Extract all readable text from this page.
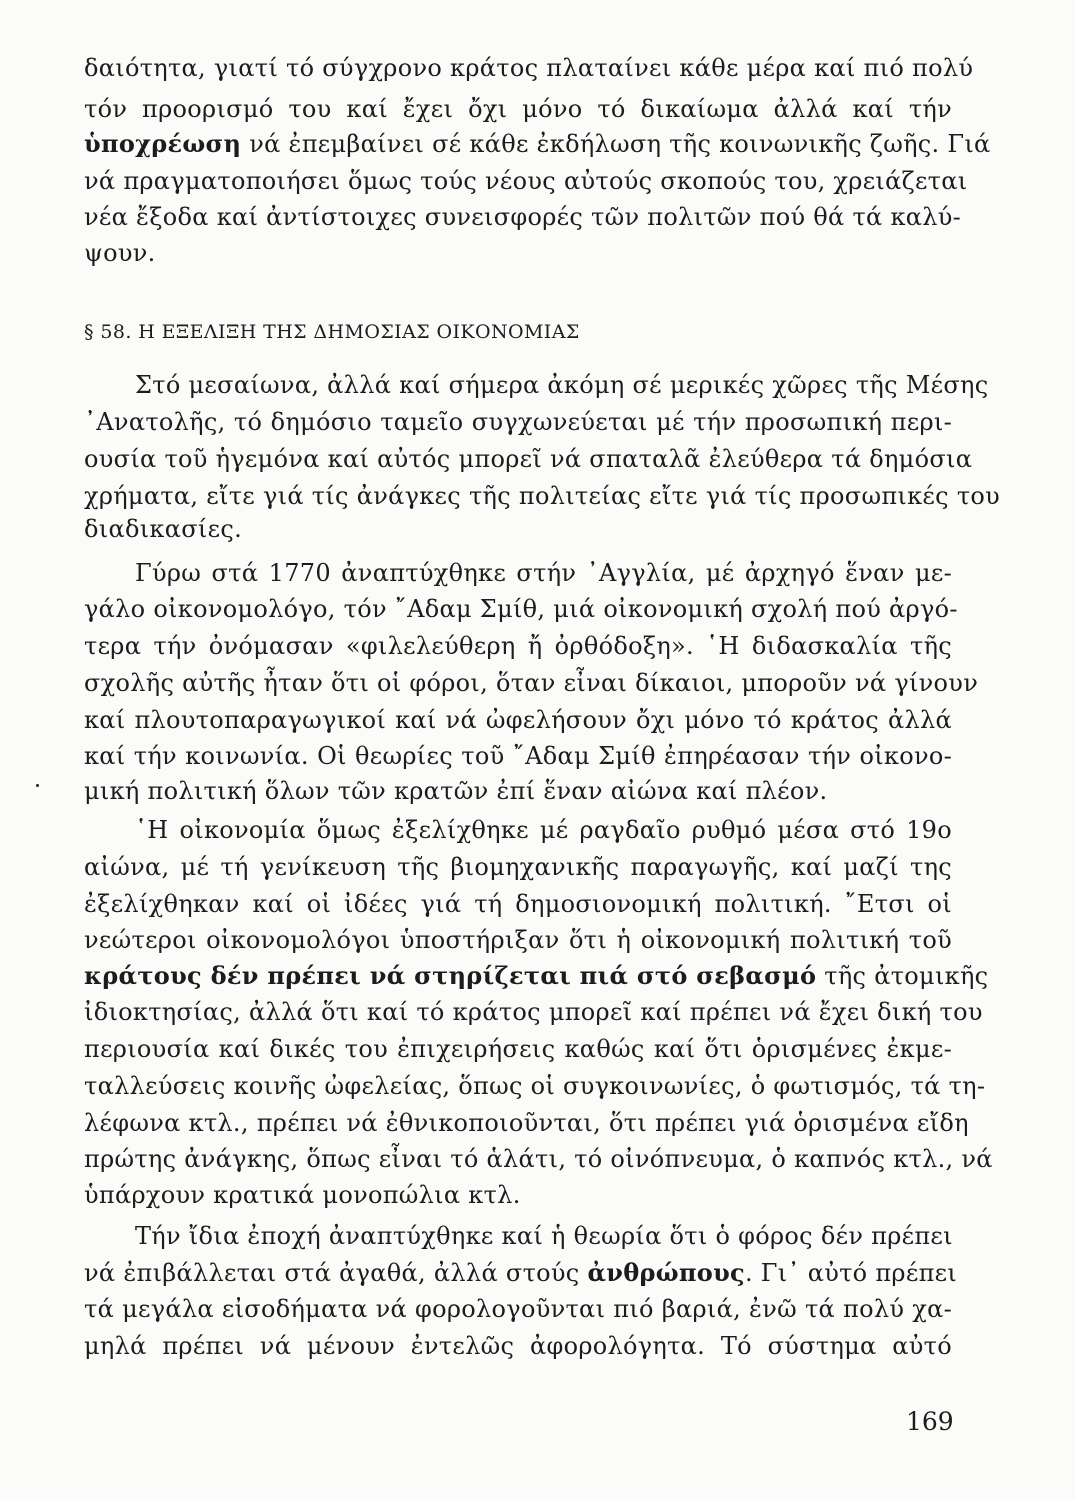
δαιότητα, γιατί τό σύγχρονο κράτος πλαταίνει κάθε μέρα καί πιό πολύ
τόν προορισμό του καί ἔχει ὄχι μόνο τό δικαίωμα ἀλλά καί τήν
ὑποχρέωση νά ἐπεμβαίνει σέ κάθε ἐκδήλωση τῆς κοινωνικῆς ζωῆς. Γιά
νά πραγματοποιήσει ὅμως τούς νέους αὐτούς σκοπούς του, χρειάζεται
νέα ἔξοδα καί ἀντίστοιχες συνεισφορές τῶν πολιτῶν πού θά τά καλύ-
ψουν.
§ 58. Η ΕΞΕΛΙΞΗ ΤΗΣ ΔΗΜΟΣΙΑΣ ΟΙΚΟΝΟΜΙΑΣ
Στό μεσαίωνα, ἀλλά καί σήμερα ἀκόμη σέ μερικές χῶρες τῆς Μέσης
᾿Ανατολῆς, τό δημόσιο ταμεῖο συγχωνεύεται μέ τήν προσωπική περι-
ουσία τοῦ ἡγεμόνα καί αὐτός μπορεῖ νά σπαταλᾶ ἐλεύθερα τά δημόσια
χρήματα, εἴτε γιά τίς ἀνάγκες τῆς πολιτείας εἴτε γιά τίς προσωπικές του
διαδικασίες.
Γύρω στά 1770 ἀναπτύχθηκε στήν ᾿Αγγλία, μέ ἀρχηγό ἕναν με-
γάλο οἰκονομολόγο, τόν ῎Αδαμ Σμίθ, μιά οἰκονομική σχολή πού ἀργό-
τερα τήν ὀνόμασαν «φιλελεύθερη ἤ ὀρθόδοξη». ῾Η διδασκαλία τῆς
σχολῆς αὐτῆς ἦταν ὅτι οἱ φόροι, ὅταν εἶναι δίκαιοι, μποροῦν νά γίνουν
καί πλουτοπαραγωγικοί καί νά ὠφελήσουν ὄχι μόνο τό κράτος ἀλλά
καί τήν κοινωνία. Οἱ θεωρίες τοῦ ῎Αδαμ Σμίθ ἐπηρέασαν τήν οἰκονο-
μική πολιτική ὅλων τῶν κρατῶν ἐπί ἕναν αἰώνα καί πλέον.
῾Η οἰκονομία ὅμως ἐξελίχθηκε μέ ραγδαῖο ρυθμό μέσα στό 19ο
αἰώνα, μέ τή γενίκευση τῆς βιομηχανικῆς παραγωγῆς, καί μαζί της
ἐξελίχθηκαν καί οἱ ἰδέες γιά τή δημοσιονομική πολιτική. ῎Ετσι οἱ
νεώτεροι οἰκονομολόγοι ὑποστήριξαν ὅτι ἡ οἰκονομική πολιτική τοῦ
κράτους δέν πρέπει νά στηρίζεται πιά στό σεβασμό τῆς ἀτομικῆς
ἰδιοκτησίας, ἀλλά ὅτι καί τό κράτος μπορεῖ καί πρέπει νά ἔχει δική του
περιουσία καί δικές του ἐπιχειρήσεις καθώς καί ὅτι ὁρισμένες ἐκμε-
ταλλεύσεις κοινῆς ὠφελείας, ὅπως οἱ συγκοινωνίες, ὁ φωτισμός, τά τη-
λέφωνα κτλ., πρέπει νά ἐθνικοποιοῦνται, ὅτι πρέπει γιά ὁρισμένα εἴδη
πρώτης ἀνάγκης, ὅπως εἶναι τό ἁλάτι, τό οἰνόπνευμα, ὁ καπνός κτλ., νά
ὑπάρχουν κρατικά μονοπώλια κτλ.
Τήν ἴδια ἐποχή ἀναπτύχθηκε καί ἡ θεωρία ὅτι ὁ φόρος δέν πρέπει
νά ἐπιβάλλεται στά ἀγαθά, ἀλλά στούς ἀνθρώπους. Γι᾿ αὐτό πρέπει
τά μεγάλα εἰσοδήματα νά φορολογοῦνται πιό βαριά, ἐνῶ τά πολύ χα-
μηλά πρέπει νά μένουν ἐντελῶς ἀφορολόγητα. Τό σύστημα αὐτό
169
